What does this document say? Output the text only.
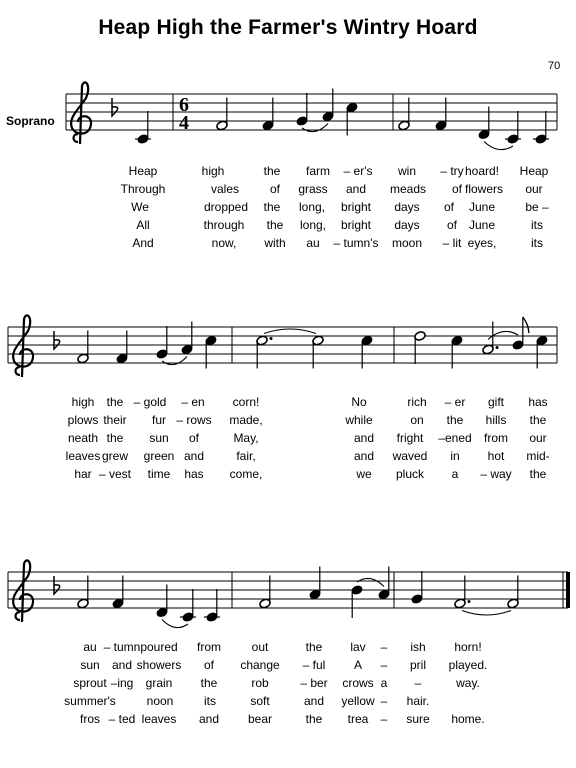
Heap High the Farmer's Wintry Hoard
70
Soprano
6
4
Heap	high	the farm – er's win – try hoard! Heap
Through	vales	of grass and meads of flowers our
We	dropped the long, bright days of June	be –
All	through the long, bright days of June	its
And	now, with au – tumn's moon – lit eyes,	its
high the – gold – en corn!	No	rich – er gift has
plows their fur – rows made,	while	on the hills the
neath the sun of	May,	and fright –ened from our
leaves grew green and	fair,	and waved in hot mid-
har – vest time has come,	we pluck a – way the
au – tumn poured from	out	the lav – ish horn!
sun and showers of change – ful A – pril played.
sprout –ing grain the	rob	– ber crows a –	way.
summer's	noon	its	soft	and yellow – hair.
fros – ted leaves and bear	the trea – sure home.
